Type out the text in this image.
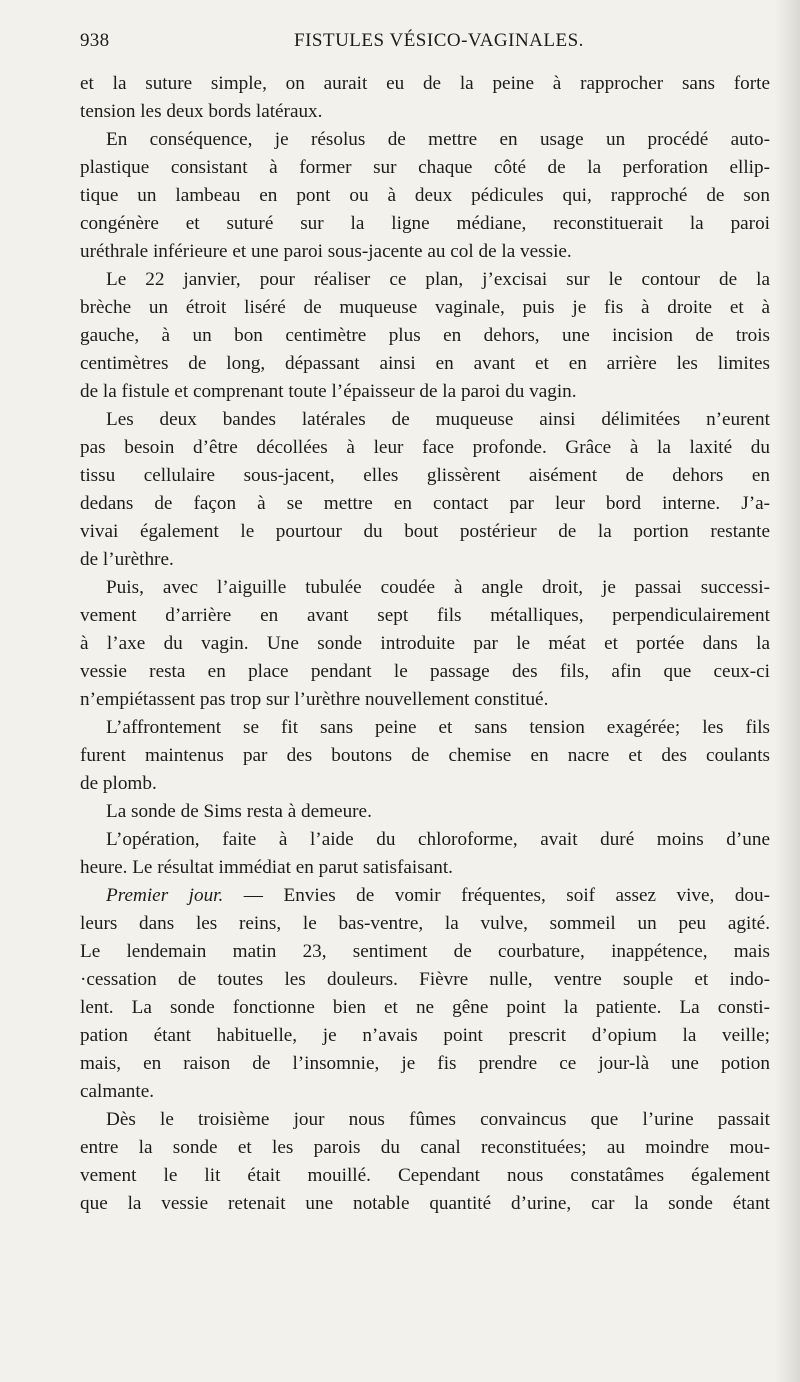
938	FISTULES VÉSICO-VAGINALES.
et la suture simple, on aurait eu de la peine à rapprocher sans forte
tension les deux bords latéraux.
En conséquence, je résolus de mettre en usage un procédé auto-
plastique consistant à former sur chaque côté de la perforation ellip-
tique un lambeau en pont ou à deux pédicules qui, rapproché de son
congénère et suturé sur la ligne médiane, reconstituerait la paroi
uréthrale inférieure et une paroi sous-jacente au col de la vessie.
Le 22 janvier, pour réaliser ce plan, j’excisai sur le contour de la
brèche un étroit liséré de muqueuse vaginale, puis je fis à droite et à
gauche, à un bon centimètre plus en dehors, une incision de trois
centimètres de long, dépassant ainsi en avant et en arrière les limites
de la fistule et comprenant toute l’épaisseur de la paroi du vagin.
Les deux bandes latérales de muqueuse ainsi délimitées n’eurent
pas besoin d’être décollées à leur face profonde. Grâce à la laxité du
tissu cellulaire sous-jacent, elles glissèrent aisément de dehors en
dedans de façon à se mettre en contact par leur bord interne. J’a-
vivai également le pourtour du bout postérieur de la portion restante
de l’urèthre.
Puis, avec l’aiguille tubulée coudée à angle droit, je passai successi-
vement d’arrière en avant sept fils métalliques, perpendiculairement
à l’axe du vagin. Une sonde introduite par le méat et portée dans la
vessie resta en place pendant le passage des fils, afin que ceux-ci
n’empiétassent pas trop sur l’urèthre nouvellement constitué.
L’affrontement se fit sans peine et sans tension exagérée; les fils
furent maintenus par des boutons de chemise en nacre et des coulants
de plomb.
La sonde de Sims resta à demeure.
L’opération, faite à l’aide du chloroforme, avait duré moins d’une
heure. Le résultat immédiat en parut satisfaisant.
Premier jour. — Envies de vomir fréquentes, soif assez vive, dou-
leurs dans les reins, le bas-ventre, la vulve, sommeil un peu agité.
Le lendemain matin 23, sentiment de courbature, inappétence, mais
·cessation de toutes les douleurs. Fièvre nulle, ventre souple et indo-
lent. La sonde fonctionne bien et ne gêne point la patiente. La consti-
pation étant habituelle, je n’avais point prescrit d’opium la veille;
mais, en raison de l’insomnie, je fis prendre ce jour-là une potion
calmante.
Dès le troisième jour nous fûmes convaincus que l’urine passait
entre la sonde et les parois du canal reconstituées; au moindre mou-
vement le lit était mouillé. Cependant nous constatâmes également
que la vessie retenait une notable quantité d’urine, car la sonde étant
